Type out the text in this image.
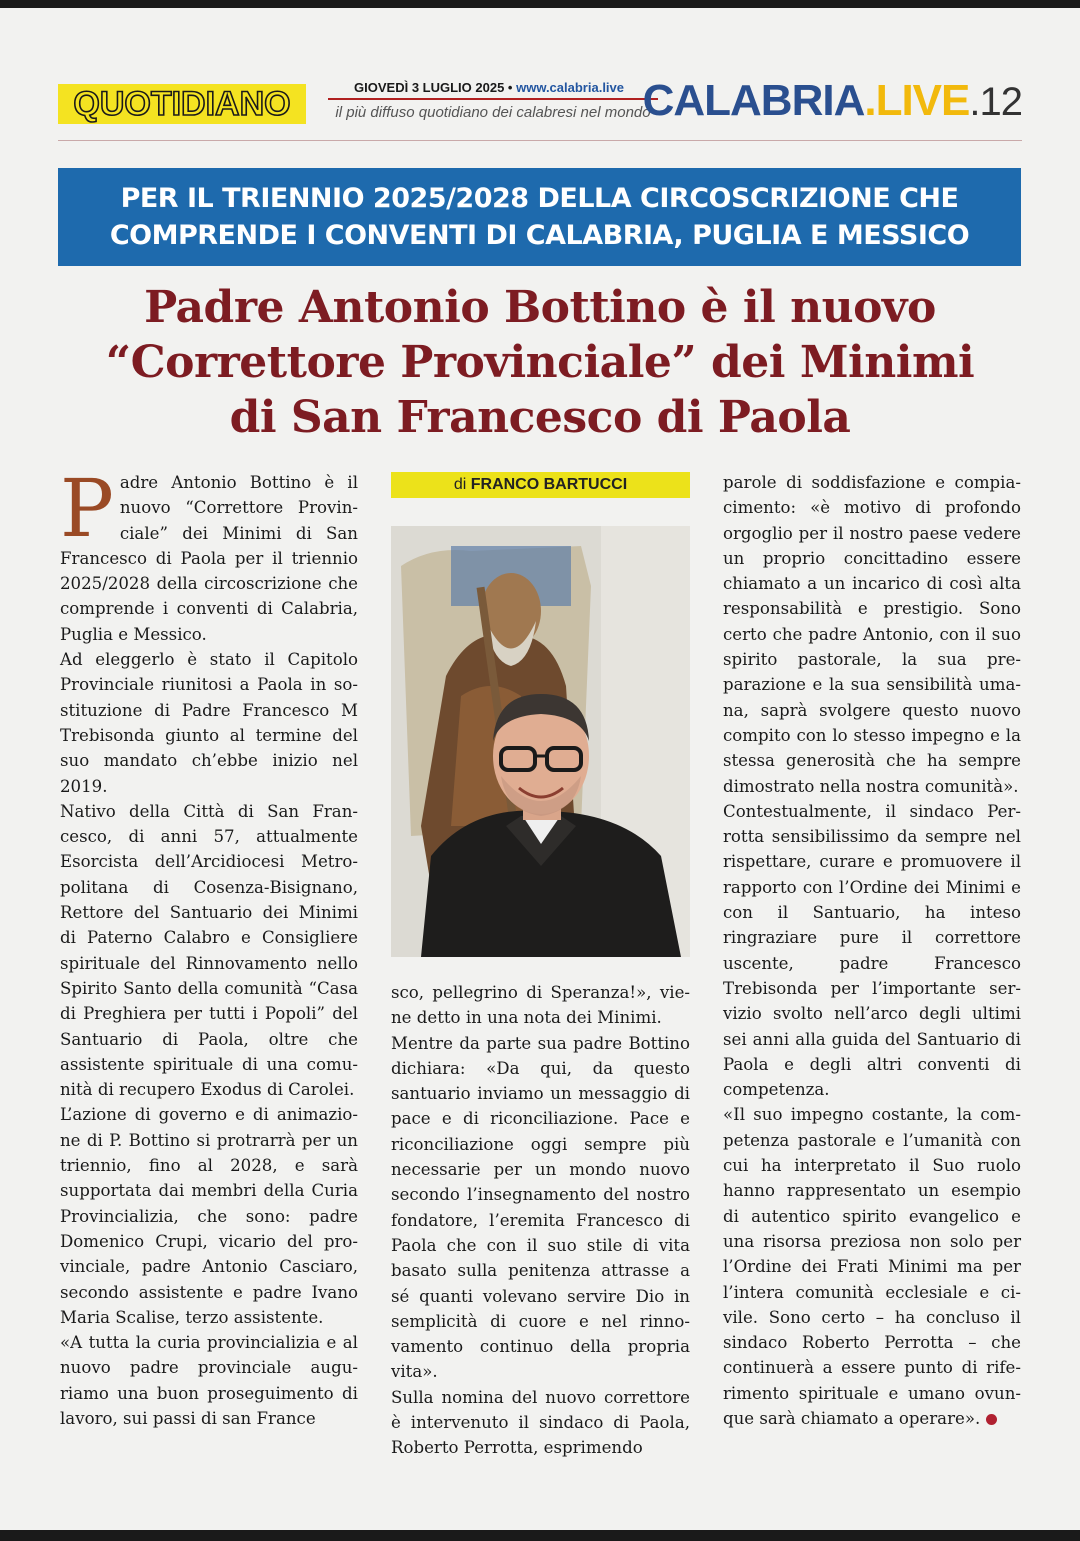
QUOTIDIANO	GIOVEDÌ 3 LUGLIO 2025 • www.calabria.live
il più diffuso quotidiano dei calabresi nel mondo
CALABRIA.LIVE.12
PER IL TRIENNIO 2025/2028 DELLA CIRCOSCRIZIONE CHE
COMPRENDE I CONVENTI DI CALABRIA, PUGLIA E MESSICO
Padre Antonio Bottino è il nuovo
“Correttore Provinciale” dei Minimi
di San Francesco di Paola

Padre Antonio Bottino è il nuovo “Correttore Provinciale” dei Minimi di San Francesco di Paola per il triennio 2025/2028 della circoscrizione che comprende i conventi di Calabria, Puglia e Messico.

Ad eleggerlo è stato il Capitolo Provinciale riunitosi a Paola in sostituzione di Padre Francesco M Trebisonda giunto al termine del suo mandato ch’ebbe inizio nel 2019.

Nativo della Città di San Francesco, di anni 57, attualmente Esorcista dell’Arcidiocesi Metropolitana di Cosenza-Bisignano, Rettore del Santuario dei Minimi di Paterno Calabro e Consigliere spirituale del Rinnovamento nello Spirito Santo della comunità “Casa di Preghiera per tutti i Popoli” del Santuario di Paola, oltre che assistente spirituale di una comunità di recupero Exodus di Carolei.

L’azione di governo e di animazione di P. Bottino si protrarrà per un triennio, fino al 2028, e sarà supportata dai membri della Curia Provincializia, che sono: padre Domenico Crupi, vicario del provinciale, padre Antonio Casciaro, secondo assistente e padre Ivano Maria Scalise, terzo assistente.

«A tutta la curia provincializia e al nuovo padre provinciale auguriamo una buon proseguimento di lavoro, sui passi di san France

di FRANCO BARTUCCI

sco, pellegrino di Speranza!», viene detto in una nota dei Minimi.

Mentre da parte sua padre Bottino dichiara: «Da qui, da questo santuario inviamo un messaggio di pace e di riconciliazione. Pace e riconciliazione oggi sempre più necessarie per un mondo nuovo secondo l’insegnamento del nostro fondatore, l’eremita Francesco di Paola che con il suo stile di vita basato sulla penitenza attrasse a sé quanti volevano servire Dio in semplicità di cuore e nel rinnovamento continuo della propria vita».

Sulla nomina del nuovo correttore è intervenuto il sindaco di Paola, Roberto Perrotta, esprimendo

parole di soddisfazione e compiacimento: «è motivo di profondo orgoglio per il nostro paese vedere un proprio concittadino essere chiamato a un incarico di così alta responsabilità e prestigio. Sono certo che padre Antonio, con il suo spirito pastorale, la sua preparazione e la sua sensibilità umana, saprà svolgere questo nuovo compito con lo stesso impegno e la stessa generosità che ha sempre dimostrato nella nostra comunità».

Contestualmente, il sindaco Perrotta sensibilissimo da sempre nel rispettare, curare e promuovere il rapporto con l’Ordine dei Minimi e con il Santuario, ha inteso ringraziare pure il correttore uscente, padre Francesco Trebisonda per l’importante servizio svolto nell’arco degli ultimi sei anni alla guida del Santuario di Paola e degli altri conventi di competenza.

«Il suo impegno costante, la competenza pastorale e l’umanità con cui ha interpretato il Suo ruolo hanno rappresentato un esempio di autentico spirito evangelico e una risorsa preziosa non solo per l’Ordine dei Frati Minimi ma per l’intera comunità ecclesiale e civile. Sono certo – ha concluso il sindaco Roberto Perrotta – che continuerà a essere punto di riferimento spirituale e umano ovunque sarà chiamato a operare».
